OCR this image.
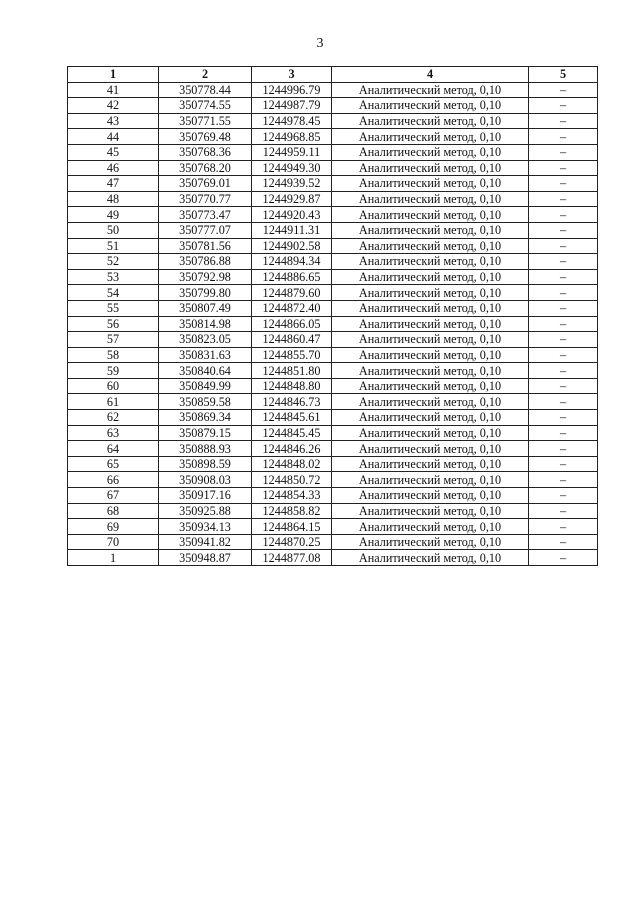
3
1	2	3	4	5
41	350778.44	1244996.79	Аналитический метод, 0,10	–
42	350774.55	1244987.79	Аналитический метод, 0,10	–
43	350771.55	1244978.45	Аналитический метод, 0,10	–
44	350769.48	1244968.85	Аналитический метод, 0,10	–
45	350768.36	1244959.11	Аналитический метод, 0,10	–
46	350768.20	1244949.30	Аналитический метод, 0,10	–
47	350769.01	1244939.52	Аналитический метод, 0,10	–
48	350770.77	1244929.87	Аналитический метод, 0,10	–
49	350773.47	1244920.43	Аналитический метод, 0,10	–
50	350777.07	1244911.31	Аналитический метод, 0,10	–
51	350781.56	1244902.58	Аналитический метод, 0,10	–
52	350786.88	1244894.34	Аналитический метод, 0,10	–
53	350792.98	1244886.65	Аналитический метод, 0,10	–
54	350799.80	1244879.60	Аналитический метод, 0,10	–
55	350807.49	1244872.40	Аналитический метод, 0,10	–
56	350814.98	1244866.05	Аналитический метод, 0,10	–
57	350823.05	1244860.47	Аналитический метод, 0,10	–
58	350831.63	1244855.70	Аналитический метод, 0,10	–
59	350840.64	1244851.80	Аналитический метод, 0,10	–
60	350849.99	1244848.80	Аналитический метод, 0,10	–
61	350859.58	1244846.73	Аналитический метод, 0,10	–
62	350869.34	1244845.61	Аналитический метод, 0,10	–
63	350879.15	1244845.45	Аналитический метод, 0,10	–
64	350888.93	1244846.26	Аналитический метод, 0,10	–
65	350898.59	1244848.02	Аналитический метод, 0,10	–
66	350908.03	1244850.72	Аналитический метод, 0,10	–
67	350917.16	1244854.33	Аналитический метод, 0,10	–
68	350925.88	1244858.82	Аналитический метод, 0,10	–
69	350934.13	1244864.15	Аналитический метод, 0,10	–
70	350941.82	1244870.25	Аналитический метод, 0,10	–
1	350948.87	1244877.08	Аналитический метод, 0,10	–
